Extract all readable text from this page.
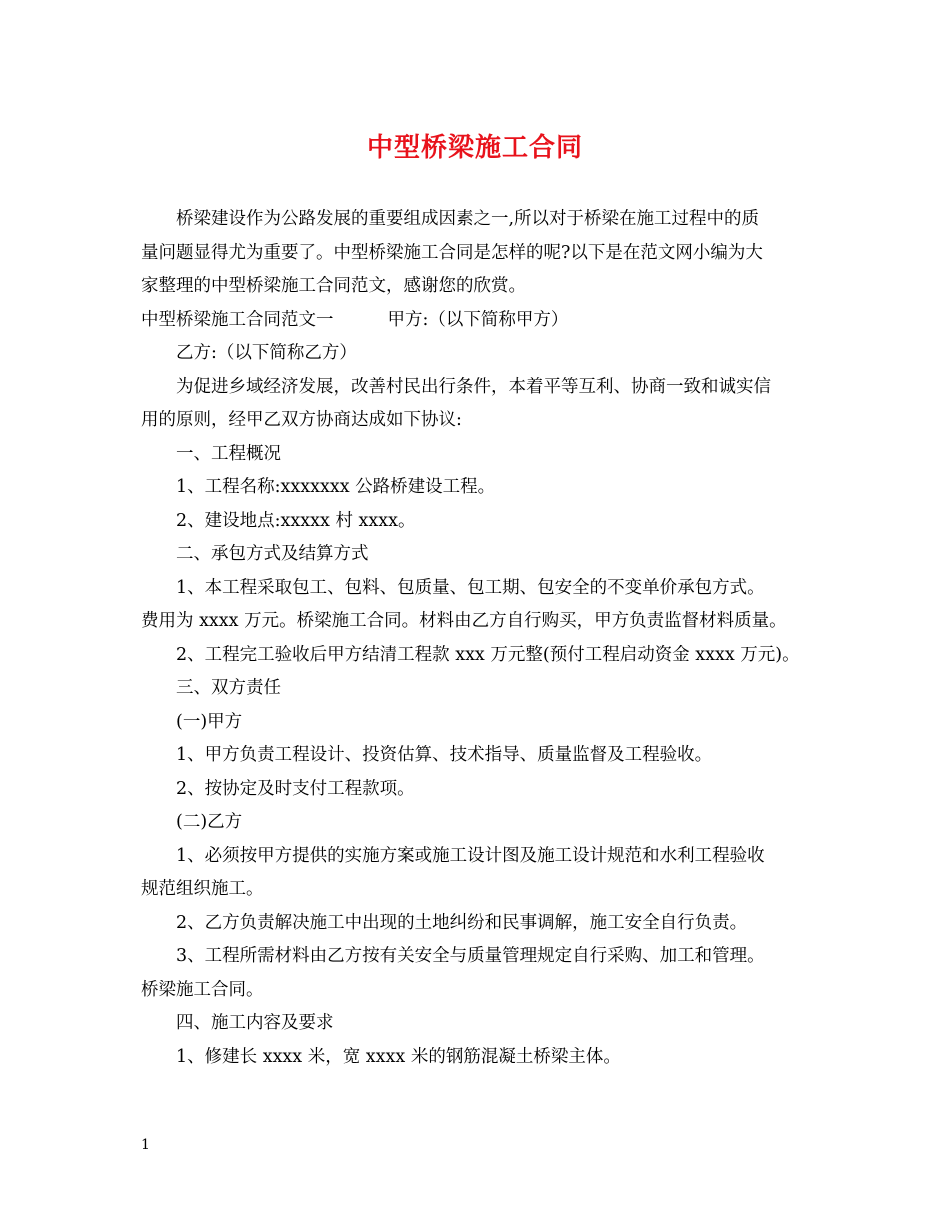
中型桥梁施工合同

桥梁建设作为公路发展的重要组成因素之一,所以对于桥梁在施工过程中的质

量问题显得尤为重要了。中型桥梁施工合同是怎样的呢?以下是在范文网小编为大

家整理的中型桥梁施工合同范文，感谢您的欣赏。

中型桥梁施工合同范文一	甲方:（以下简称甲方）

乙方:（以下简称乙方）

为促进乡域经济发展，改善村民出行条件，本着平等互利、协商一致和诚实信

用的原则，经甲乙双方协商达成如下协议:

一、工程概况

1、工程名称:xxxxxxx 公路桥建设工程。

2、建设地点:xxxxx 村 xxxx。

二、承包方式及结算方式

1、本工程采取包工、包料、包质量、包工期、包安全的不变单价承包方式。

费用为 xxxx 万元。桥梁施工合同。材料由乙方自行购买，甲方负责监督材料质量。

2、工程完工验收后甲方结清工程款 xxx 万元整(预付工程启动资金 xxxx 万元)。

三、双方责任

(一)甲方

1、甲方负责工程设计、投资估算、技术指导、质量监督及工程验收。

2、按协定及时支付工程款项。

(二)乙方

1、必须按甲方提供的实施方案或施工设计图及施工设计规范和水利工程验收

规范组织施工。

2、乙方负责解决施工中出现的土地纠纷和民事调解，施工安全自行负责。

3、工程所需材料由乙方按有关安全与质量管理规定自行采购、加工和管理。

桥梁施工合同。

四、施工内容及要求

1、修建长 xxxx 米，宽 xxxx 米的钢筋混凝土桥梁主体。

1
